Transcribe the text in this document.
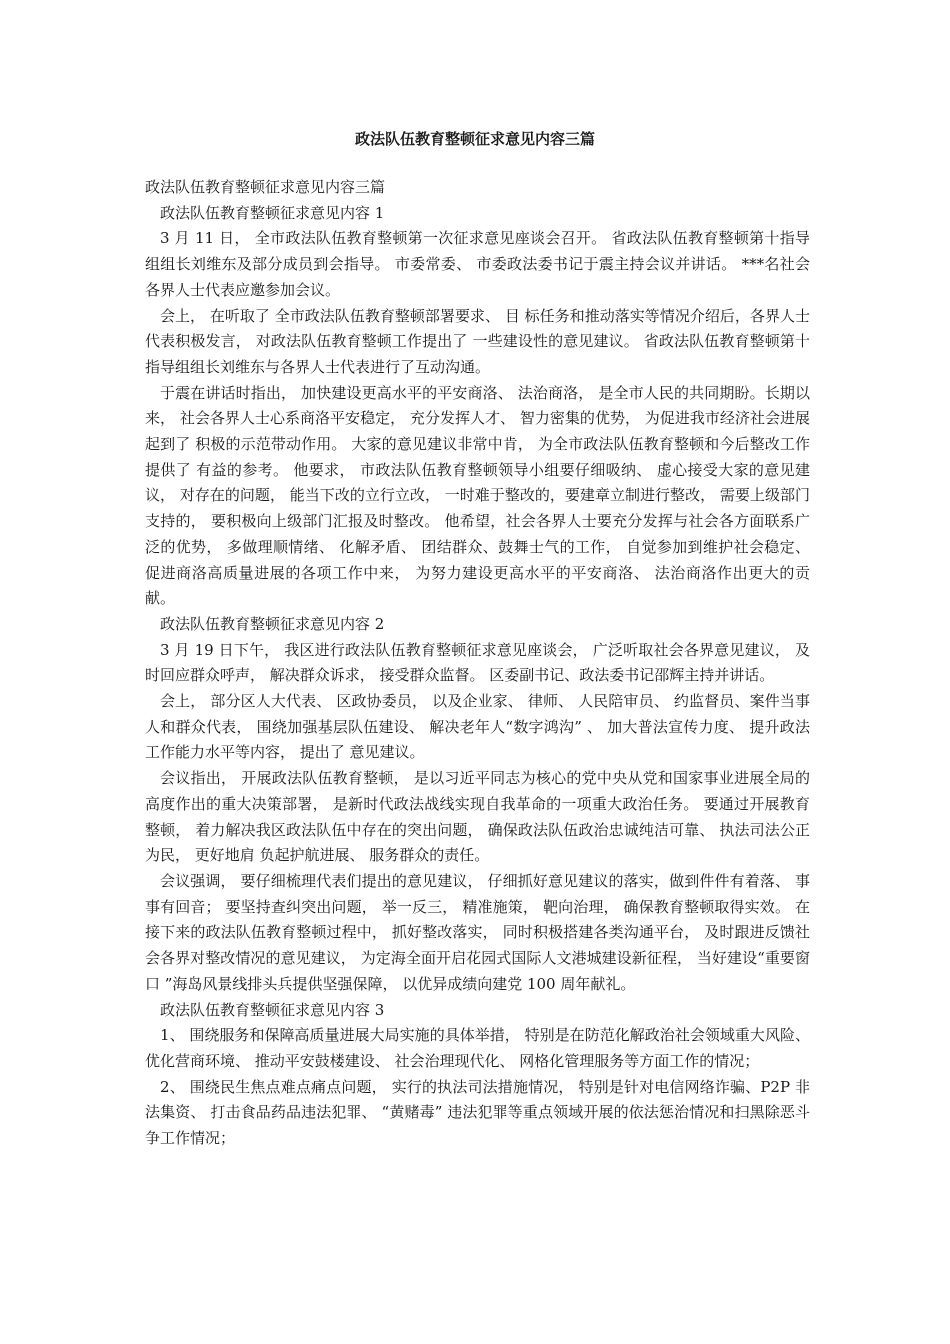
政法队伍教育整顿征求意见内容三篇

政法队伍教育整顿征求意见内容三篇

政法队伍教育整顿征求意见内容 1

3 月 11 日， 全市政法队伍教育整顿第一次征求意见座谈会召开。 省政法队伍教育整顿第十指导组组长刘维东及部分成员到会指导。 市委常委、 市委政法委书记于震主持会议并讲话。 ***名社会各界人士代表应邀参加会议。

会上， 在听取了 全市政法队伍教育整顿部署要求、 目 标任务和推动落实等情况介绍后，各界人士代表积极发言， 对政法队伍教育整顿工作提出了 一些建设性的意见建议。 省政法队伍教育整顿第十指导组组长刘维东与各界人士代表进行了互动沟通。

于震在讲话时指出， 加快建设更高水平的平安商洛、 法治商洛， 是全市人民的共同期盼。长期以来， 社会各界人士心系商洛平安稳定， 充分发挥人才、 智力密集的优势， 为促进我市经济社会进展起到了 积极的示范带动作用。 大家的意见建议非常中肯， 为全市政法队伍教育整顿和今后整改工作提供了 有益的参考。 他要求， 市政法队伍教育整顿领导小组要仔细吸纳、 虚心接受大家的意见建议， 对存在的问题， 能当下改的立行立改， 一时难于整改的，要建章立制进行整改， 需要上级部门支持的， 要积极向上级部门汇报及时整改。 他希望，社会各界人士要充分发挥与社会各方面联系广泛的优势， 多做理顺情绪、 化解矛盾、 团结群众、鼓舞士气的工作， 自觉参加到维护社会稳定、 促进商洛高质量进展的各项工作中来， 为努力建设更高水平的平安商洛、 法治商洛作出更大的贡献。

政法队伍教育整顿征求意见内容 2

3 月 19 日下午， 我区进行政法队伍教育整顿征求意见座谈会， 广泛听取社会各界意见建议， 及时回应群众呼声， 解决群众诉求， 接受群众监督。 区委副书记、政法委书记邵辉主持并讲话。

会上， 部分区人大代表、 区政协委员， 以及企业家、 律师、 人民陪审员、 约监督员、案件当事人和群众代表， 围绕加强基层队伍建设、 解决老年人“数字鸿沟” 、 加大普法宣传力度、 提升政法工作能力水平等内容， 提出了 意见建议。

会议指出， 开展政法队伍教育整顿， 是以习近平同志为核心的党中央从党和国家事业进展全局的高度作出的重大决策部署， 是新时代政法战线实现自我革命的一项重大政治任务。 要通过开展教育整顿， 着力解决我区政法队伍中存在的突出问题， 确保政法队伍政治忠诚纯洁可靠、 执法司法公正为民， 更好地肩 负起护航进展、 服务群众的责任。

会议强调， 要仔细梳理代表们提出的意见建议， 仔细抓好意见建议的落实，做到件件有着落、 事事有回音； 要坚持查纠突出问题， 举一反三， 精准施策， 靶向治理， 确保教育整顿取得实效。 在接下来的政法队伍教育整顿过程中， 抓好整改落实， 同时积极搭建各类沟通平台， 及时跟进反馈社会各界对整改情况的意见建议， 为定海全面开启花园式国际人文港城建设新征程， 当好建设“重要窗口 ”海岛风景线排头兵提供坚强保障， 以优异成绩向建党 100 周年献礼。

政法队伍教育整顿征求意见内容 3

1、 围绕服务和保障高质量进展大局实施的具体举措， 特别是在防范化解政治社会领域重大风险、 优化营商环境、 推动平安鼓楼建设、 社会治理现代化、 网格化管理服务等方面工作的情况；

2、 围绕民生焦点难点痛点问题， 实行的执法司法措施情况， 特别是针对电信网络诈骗、P2P 非法集资、 打击食品药品违法犯罪、 “黄赌毒” 违法犯罪等重点领域开展的依法惩治情况和扫黑除恶斗争工作情况；
